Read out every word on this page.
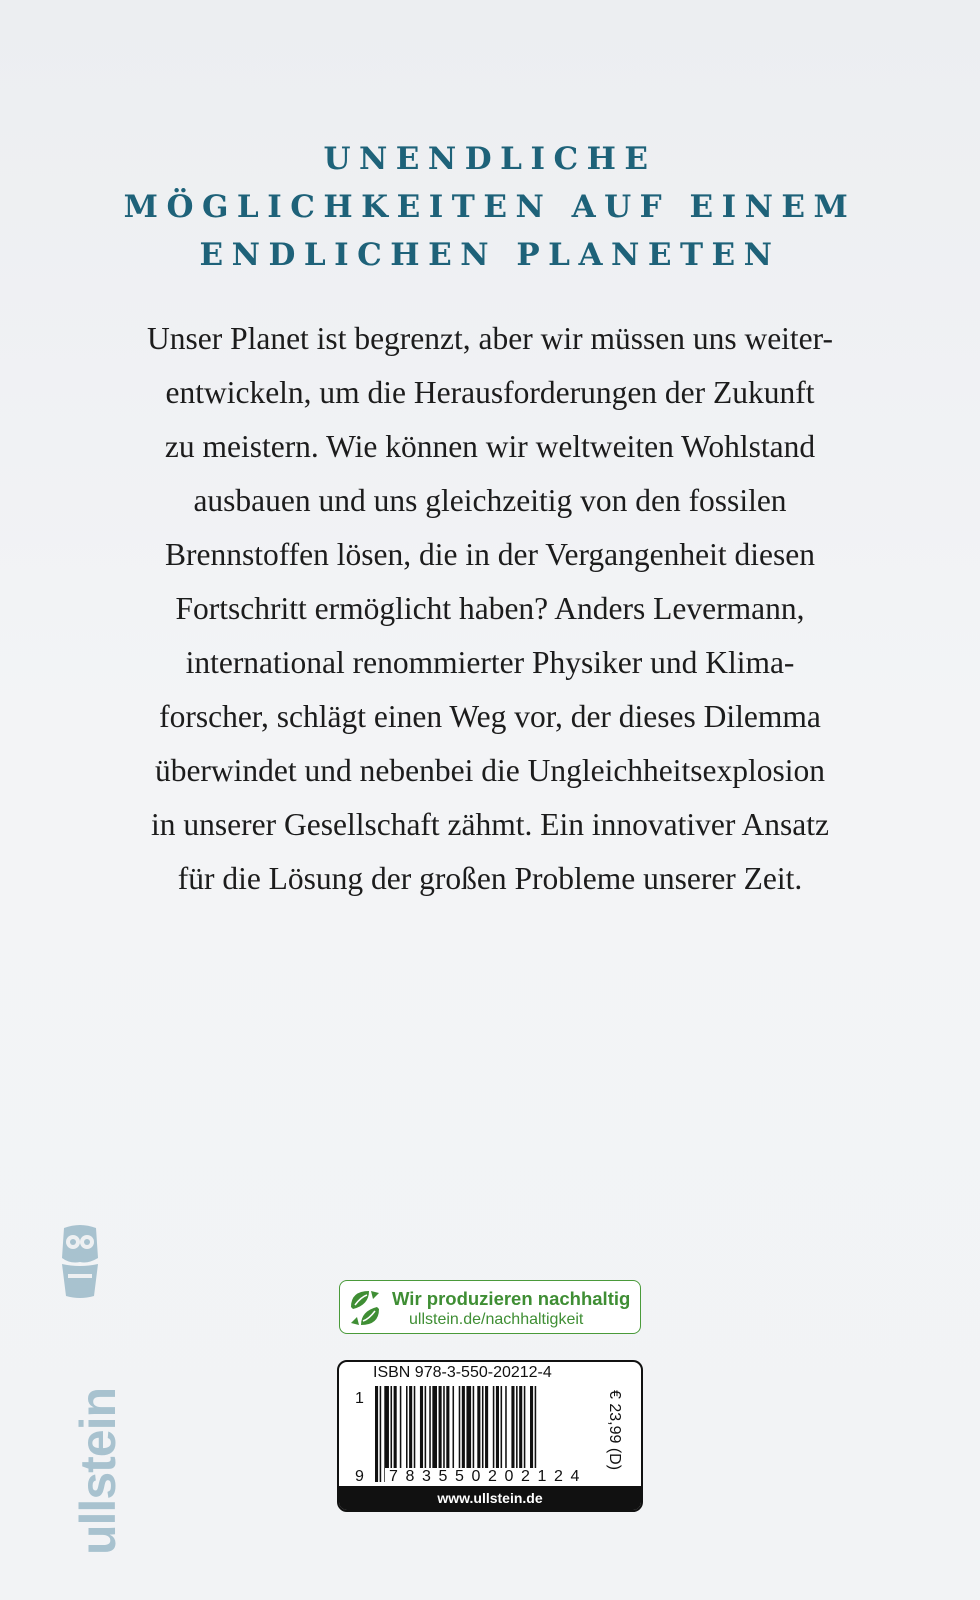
UNENDLICHE
MÖGLICHKEITEN AUF EINEM
ENDLICHEN PLANETEN
Unser Planet ist begrenzt, aber wir müssen uns weiter-
entwickeln, um die Herausforderungen der Zukunft
zu meistern. Wie können wir weltweiten Wohlstand
ausbauen und uns gleichzeitig von den fossilen
Brennstoffen lösen, die in der Vergangenheit diesen
Fortschritt ermöglicht haben? Anders Levermann,
international renommierter Physiker und Klima-
forscher, schlägt einen Weg vor, der dieses Dilemma
überwindet und nebenbei die Ungleichheitsexplosion
in unserer Gesellschaft zähmt. Ein innovativer Ansatz
für die Lösung der großen Probleme unserer Zeit.
ullstein
Wir produzieren nachhaltig
ullstein.de/nachhaltigkeit
ISBN 978-3-550-20212-4
1
9 783550202124
€ 23,99 (D)
www.ullstein.de
